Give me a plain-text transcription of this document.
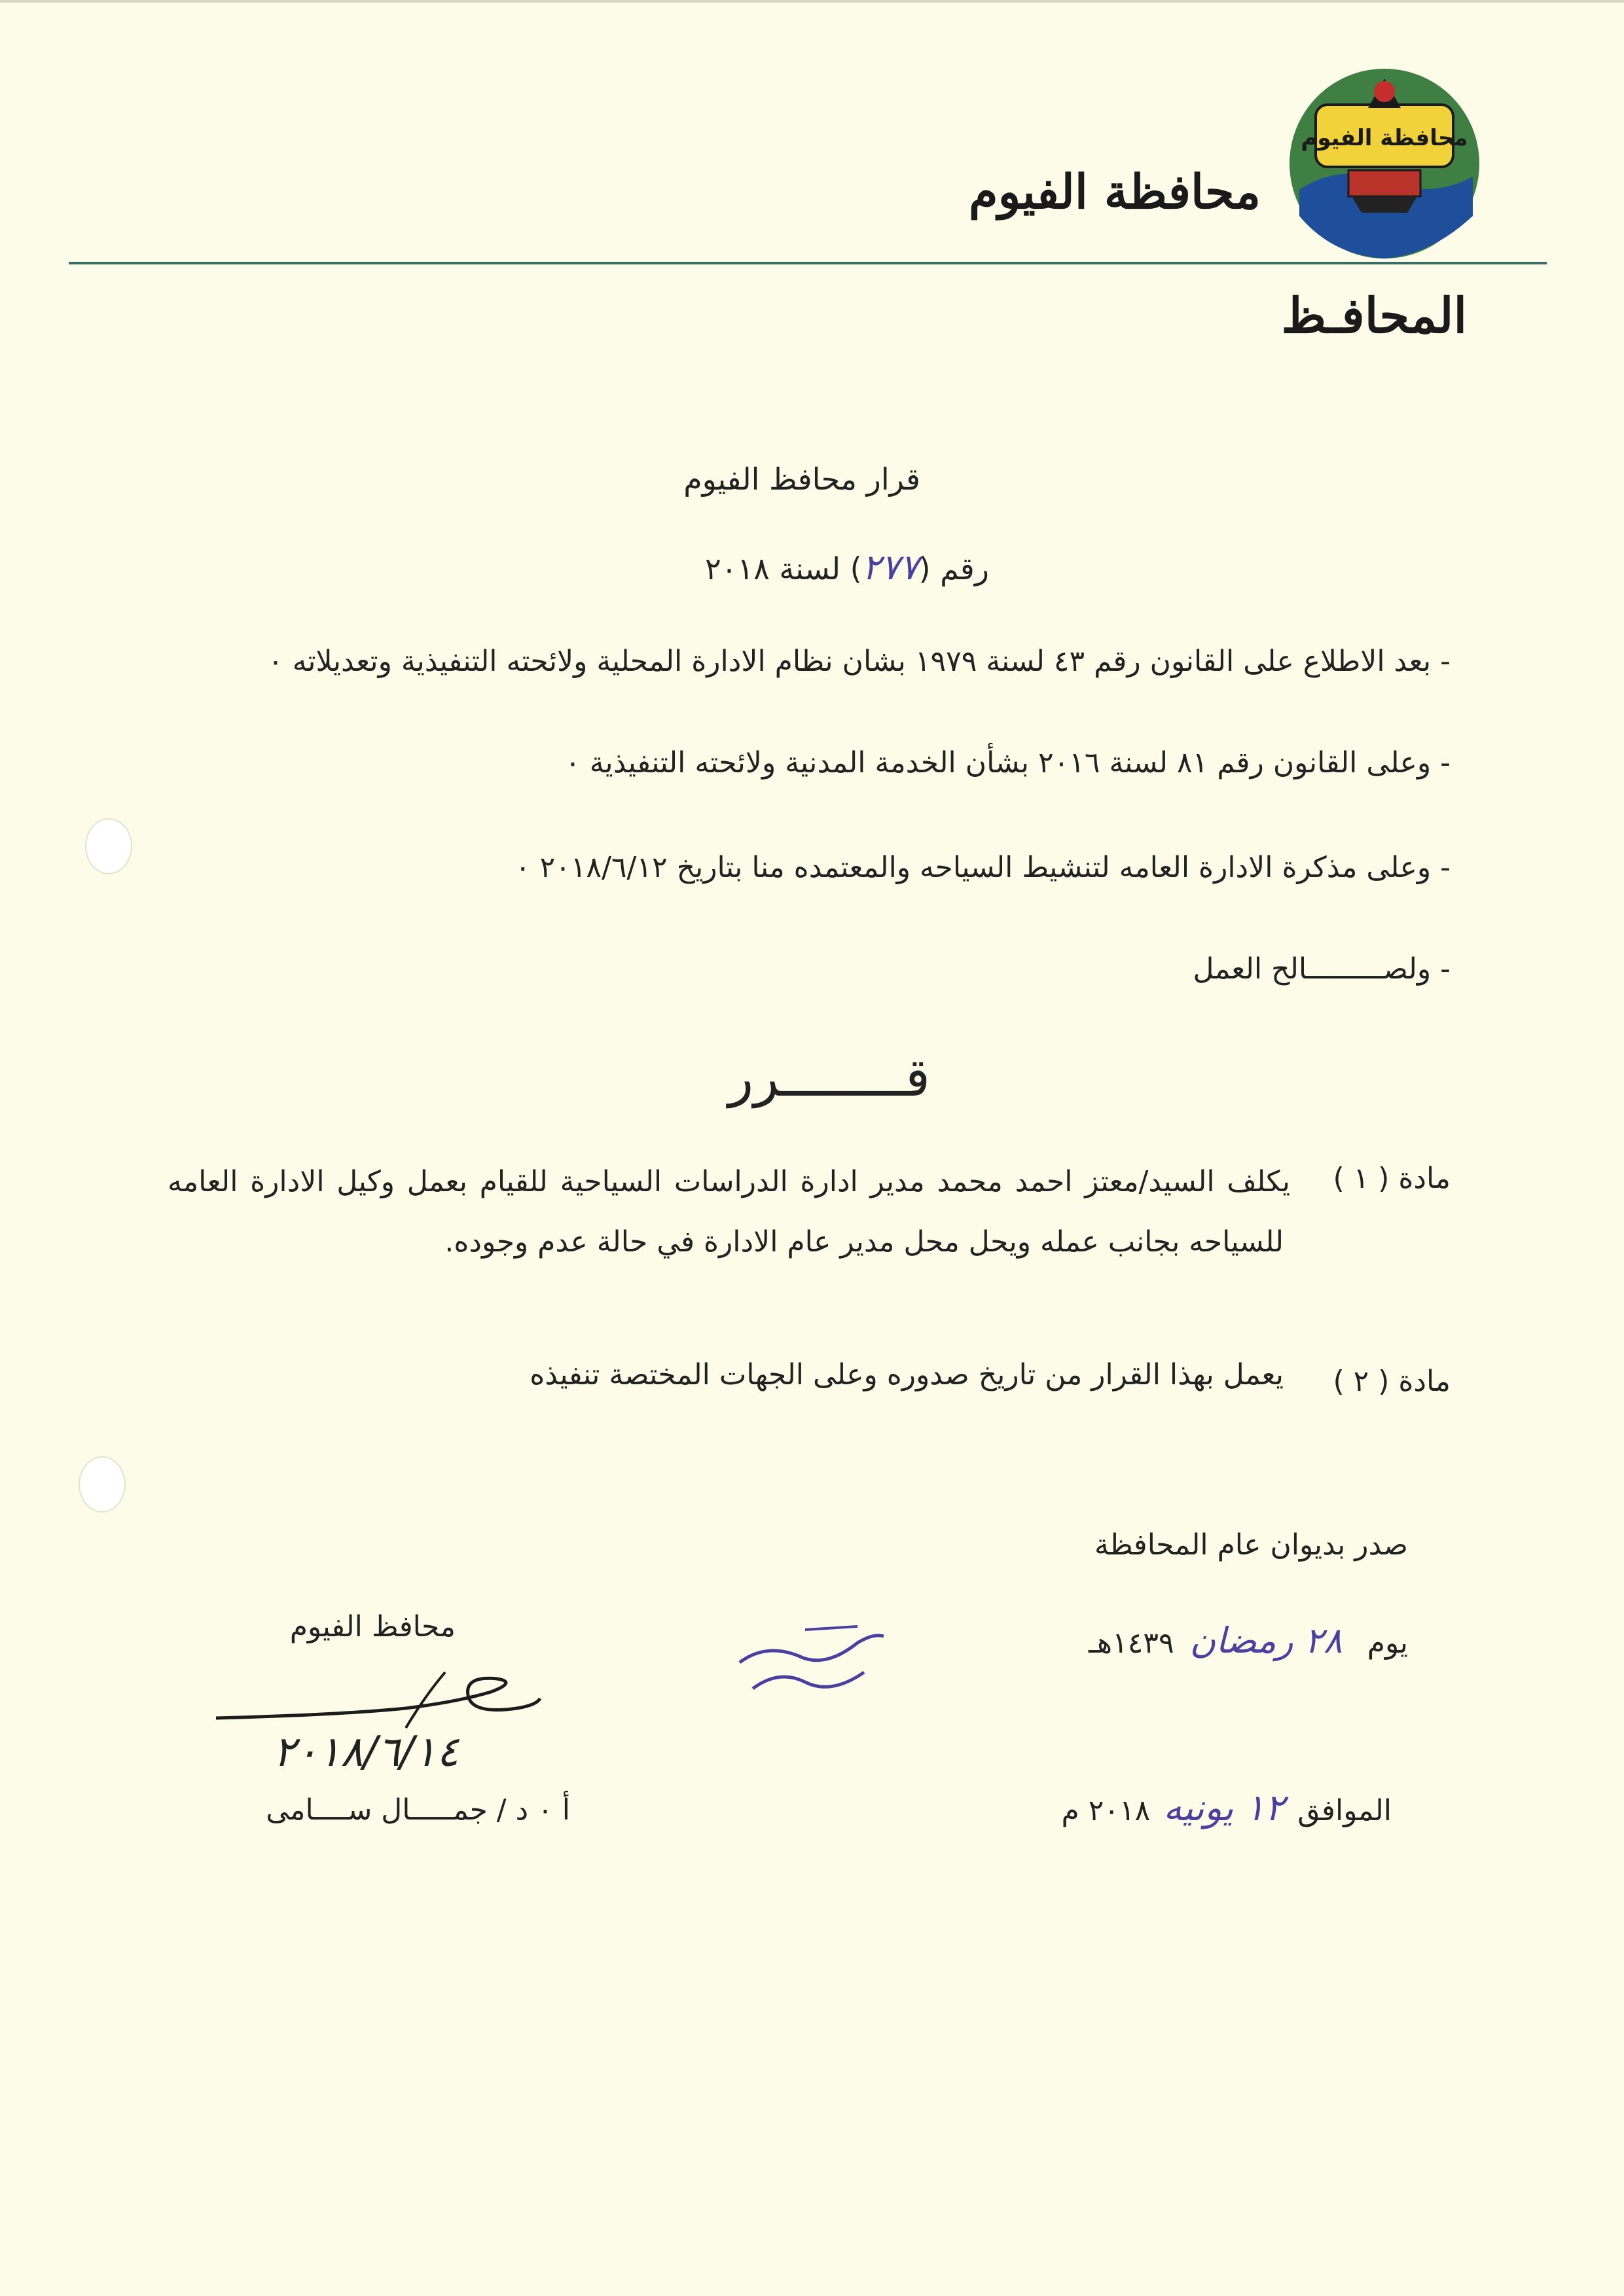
محافظة الفيوم
محافظة الفيوم
المحافـظ
قرار محافظ الفيوم
رقم (٢٧٧) لسنة ٢٠١٨
- بعد الاطلاع على القانون رقم ٤٣ لسنة ١٩٧٩ بشان نظام الادارة المحلية ولائحته التنفيذية وتعديلاته ٠
- وعلى القانون رقم ٨١ لسنة ٢٠١٦ بشأن الخدمة المدنية ولائحته التنفيذية ٠
- وعلى مذكرة الادارة العامه لتنشيط السياحه والمعتمده منا بتاريخ ٢٠١٨/٦/١٢ ٠
- ولصـــــــــالح العمل
قــــــــرر
مادة ( ١ )
يكلف السيد/معتز احمد محمد مدير ادارة الدراسات السياحية للقيام بعمل وكيل الادارة العامه للسياحه بجانب عمله ويحل محل مدير عام الادارة في حالة عدم وجوده.
مادة ( ٢ )
يعمل بهذا القرار من تاريخ صدوره وعلى الجهات المختصة تنفيذه
صدر بديوان عام المحافظة
يوم ٢٨ رمضان١٤٣٩هـ
الموافق١٢ يونيه٢٠١٨ م
محافظ الفيوم
٢٠١٨/٦/١٤
أ ٠ د / جمـــــال ســــامى
